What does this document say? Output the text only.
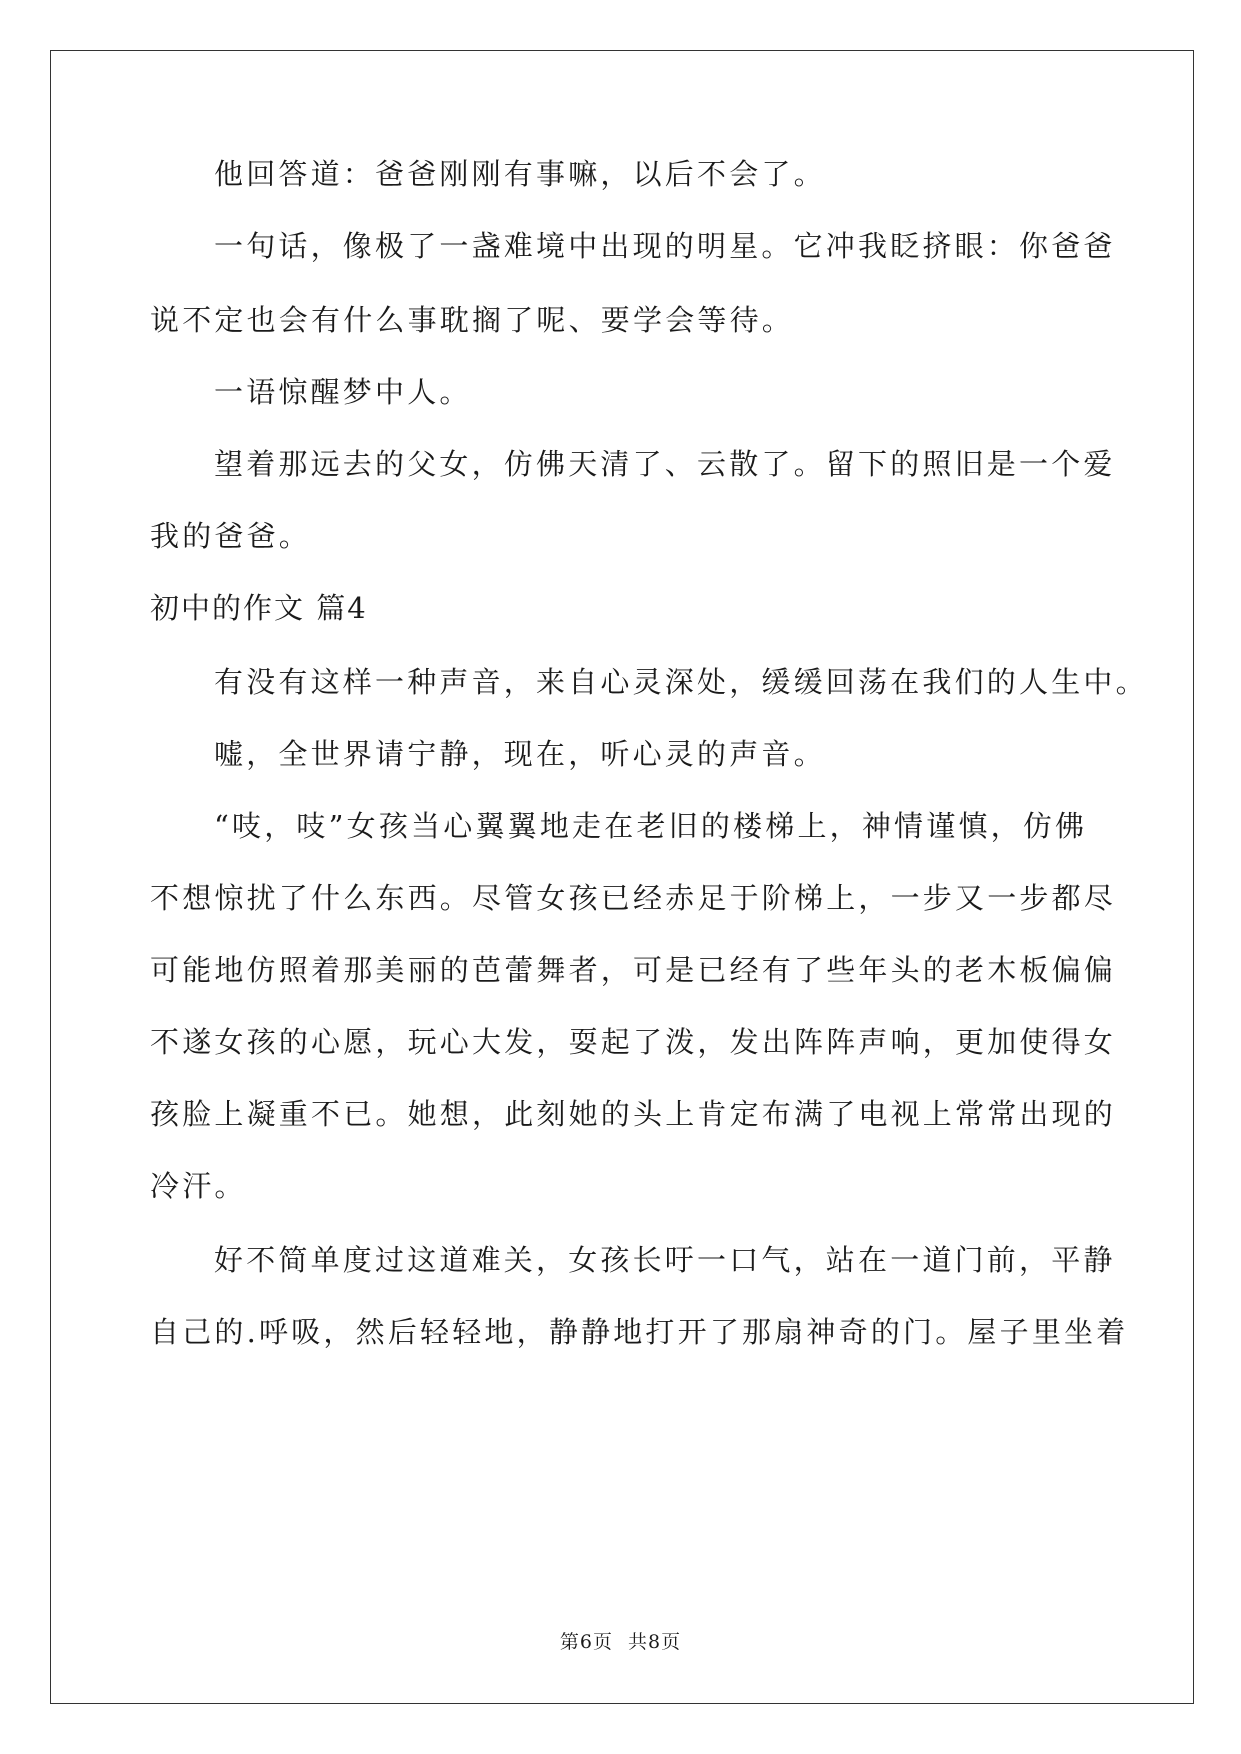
他回答道：爸爸刚刚有事嘛，以后不会了。
一句话，像极了一盏难境中出现的明星。它冲我眨挤眼：你爸爸
说不定也会有什么事耽搁了呢、要学会等待。
一语惊醒梦中人。
望着那远去的父女，仿佛天清了、云散了。留下的照旧是一个爱
我的爸爸。
初中的作文 篇4
有没有这样一种声音，来自心灵深处，缓缓回荡在我们的人生中。
嘘，全世界请宁静，现在，听心灵的声音。
“吱，吱”女孩当心翼翼地走在老旧的楼梯上，神情谨慎，仿佛
不想惊扰了什么东西。尽管女孩已经赤足于阶梯上，一步又一步都尽
可能地仿照着那美丽的芭蕾舞者，可是已经有了些年头的老木板偏偏
不遂女孩的心愿，玩心大发，耍起了泼，发出阵阵声响，更加使得女
孩脸上凝重不已。她想，此刻她的头上肯定布满了电视上常常出现的
冷汗。
好不简单度过这道难关，女孩长吁一口气，站在一道门前，平静
自己的.呼吸，然后轻轻地，静静地打开了那扇神奇的门。屋子里坐着
第6页 共8页
